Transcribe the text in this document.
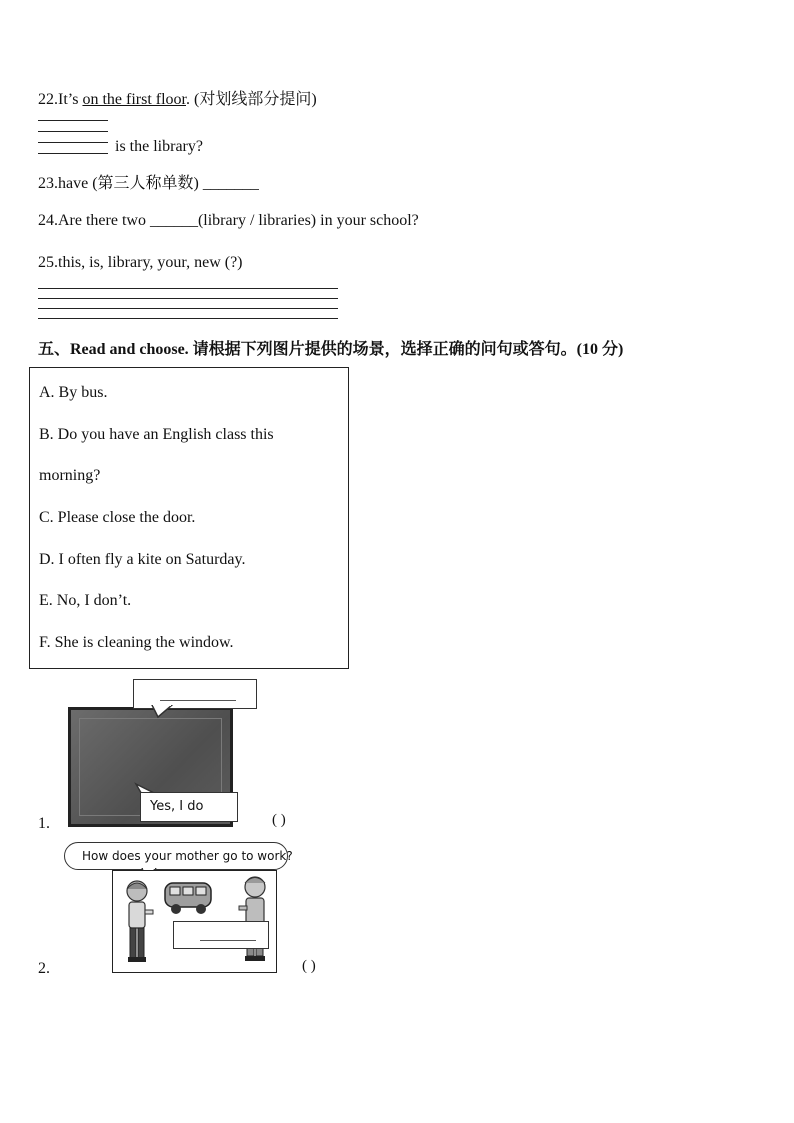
22.It’s on the first floor. (对划线部分提问)
is the library?
23.have (第三人称单数) _______
24.Are there two ______(library / libraries) in your school?
25.this, is, library, your, new (?)
五、Read and choose. 请根据下列图片提供的场景，选择正确的问句或答句。(10 分)
A. By bus.
B. Do you have an English class this
morning?
C. Please close the door.
D. I often fly a kite on Saturday.
E. No, I don’t.
F. She is cleaning the window.
1.
Yes, I do
( )
2.
How does your mother go to work?
( )
